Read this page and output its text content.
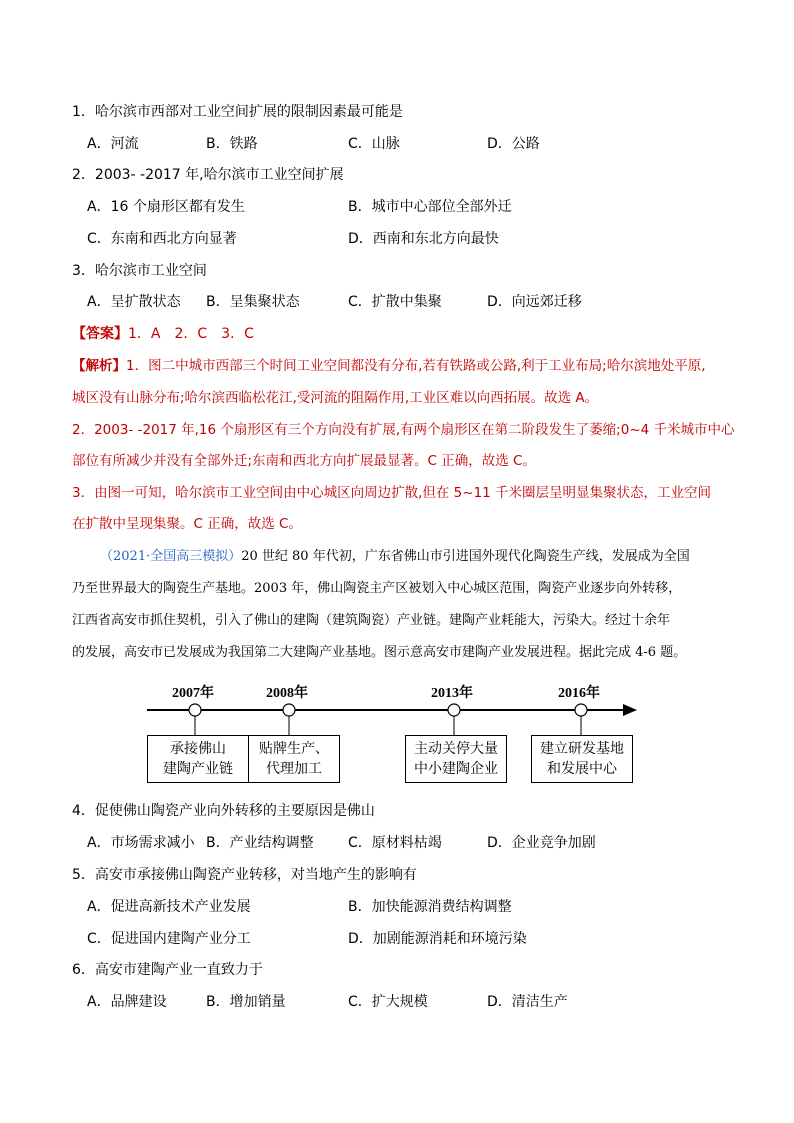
1．哈尔滨市西部对工业空间扩展的限制因素最可能是
A．河流	B．铁路	C．山脉	D．公路
2．2003- -2017 年,哈尔滨市工业空间扩展
A．16 个扇形区都有发生	B．城市中心部位全部外迁
C．东南和西北方向显著	D．西南和东北方向最快
3．哈尔滨市工业空间
A．呈扩散状态 B．呈集聚状态	C．扩散中集聚	D．向远郊迁移
【答案】1．A　2．C　3．C
【解析】1．图二中城市西部三个时间工业空间都没有分布,若有铁路或公路,利于工业布局;哈尔滨地处平原,
城区没有山脉分布;哈尔滨西临松花江,受河流的阻隔作用,工业区难以向西拓展。故选 A。
2．2003- -2017 年,16 个扇形区有三个方向没有扩展,有两个扇形区在第二阶段发生了萎缩;0~4 千米城市中心
部位有所减少并没有全部外迁;东南和西北方向扩展最显著。C 正确，故选 C。
3．由图一可知，哈尔滨市工业空间由中心城区向周边扩散,但在 5~11 千米圈层呈明显集聚状态，工业空间
在扩散中呈现集聚。C 正确，故选 C。
（2021·全国高三模拟）20 世纪 80 年代初，广东省佛山市引进国外现代化陶瓷生产线，发展成为全国
乃至世界最大的陶瓷生产基地。2003 年，佛山陶瓷主产区被划入中心城区范围，陶瓷产业逐步向外转移，
江西省高安市抓住契机，引入了佛山的建陶（建筑陶瓷）产业链。建陶产业耗能大，污染大。经过十余年
的发展，高安市已发展成为我国第二大建陶产业基地。图示意高安市建陶产业发展进程。据此完成 4-6 题。
2007年	2008年	2013年	2016年
承接佛山
建陶产业链
贴牌生产、
代理加工
主动关停大量
中小建陶企业
建立研发基地
和发展中心
4．促使佛山陶瓷产业向外转移的主要原因是佛山
A．市场需求减小 B．产业结构调整 C．原材料枯竭	D．企业竞争加剧
5．高安市承接佛山陶瓷产业转移，对当地产生的影响有
A．促进高新技术产业发展	B．加快能源消费结构调整
C．促进国内建陶产业分工	D．加剧能源消耗和环境污染
6．高安市建陶产业一直致力于
A．品牌建设	B．增加销量	C．扩大规模	D．清洁生产
